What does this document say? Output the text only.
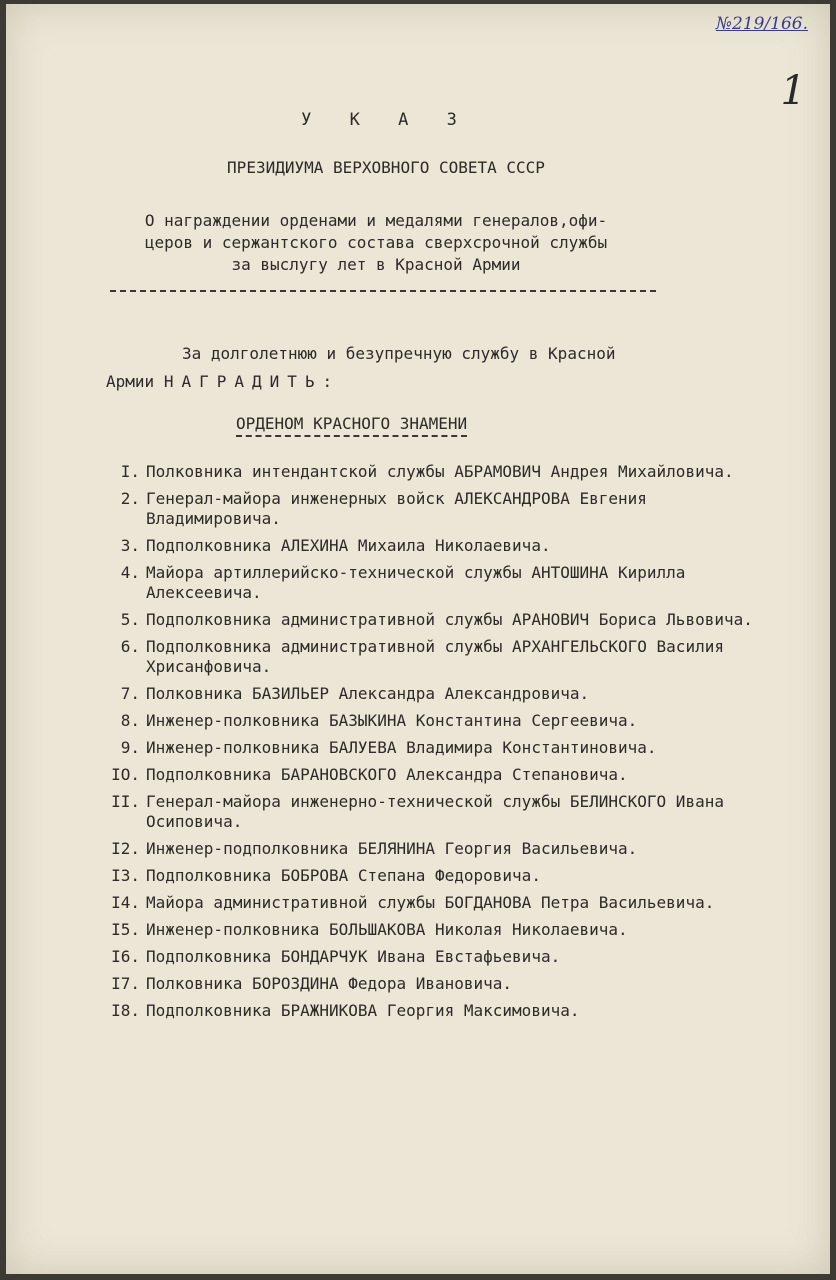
№219/166.
1
У К А З
ПРЕЗИДИУМА ВЕРХОВНОГО СОВЕТА СССР
О награждении орденами и медалями генералов,офи-
церов и сержантского состава сверхсрочной службы
за выслугу лет в Красной Армии
За долголетнюю и безупречную службу в Красной
Армии НАГРАДИТЬ:
ОРДЕНОМ КРАСНОГО ЗНАМЕНИ
I. Полковника интендантской службы АБРАМОВИЧ Андрея Михайловича.
2. Генерал-майора инженерных войск АЛЕКСАНДРОВА Евгения Владимировича.
3. Подполковника АЛЕХИНА Михаила Николаевича.
4. Майора артиллерийско-технической службы АНТОШИНА Кирилла Алексеевича.
5. Подполковника административной службы АРАНОВИЧ Бориса Львовича.
6. Подполковника административной службы АРХАНГЕЛЬСКОГО Василия Хрисанфовича.
7. Полковника БАЗИЛЬЕР Александра Александровича.
8. Инженер-полковника БАЗЫКИНА Константина Сергеевича.
9. Инженер-полковника БАЛУЕВА Владимира Константиновича.
IO. Подполковника БАРАНОВСКОГО Александра Степановича.
II. Генерал-майора инженерно-технической службы БЕЛИНСКОГО Ивана Осиповича.
I2. Инженер-подполковника БЕЛЯНИНА Георгия Васильевича.
I3. Подполковника БОБРОВА Степана Федоровича.
I4. Майора административной службы БОГДАНОВА Петра Васильевича.
I5. Инженер-полковника БОЛЬШАКОВА Николая Николаевича.
I6. Подполковника БОНДАРЧУК Ивана Евстафьевича.
I7. Полковника БОРОЗДИНА Федора Ивановича.
I8. Подполковника БРАЖНИКОВА Георгия Максимовича.
